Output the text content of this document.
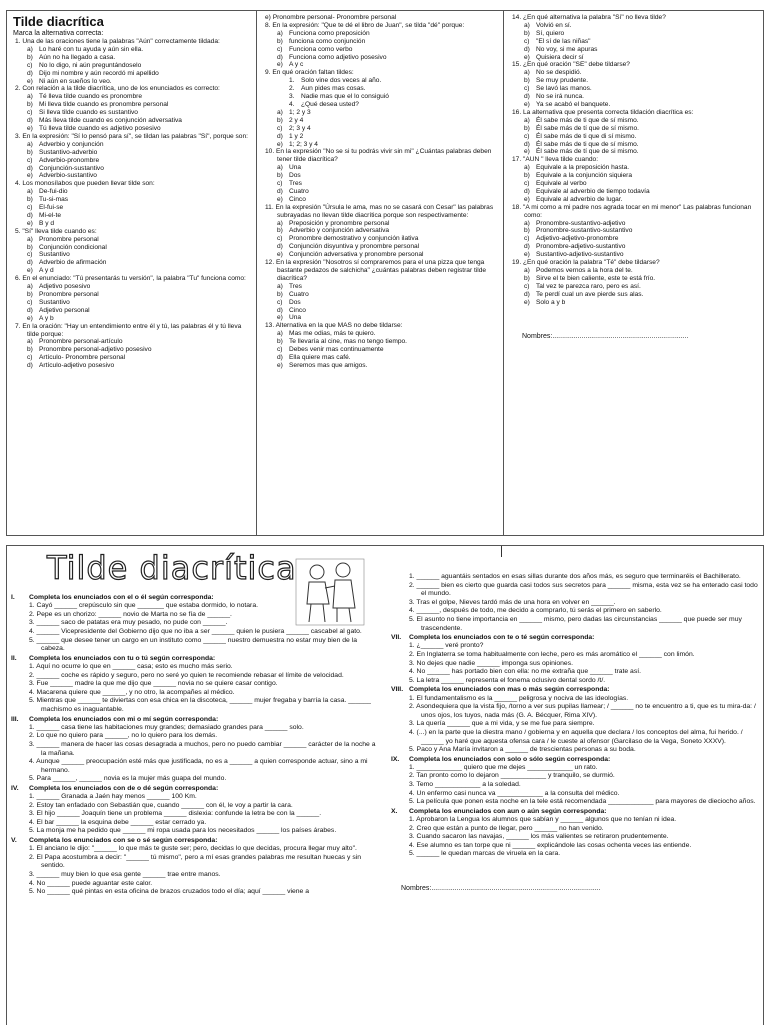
Tilde diacrítica
Marca la alternativa correcta:
1. Una de las oraciones tiene la palabras "Aún" correctamente tildada:
a) Lo haré con tu ayuda y aún sin ella.
b) Aún no ha llegado a casa.
c) No lo digo, ni aún preguntándoselo
d) Dijo mi nombre y aún recordó mi apellido
e) Ni aún en sueños lo veo.
2. Con relación a la tilde diacrítica, uno de los enunciados es correcto:
a) Té lleva tilde cuando es pronombre
b) Mi lleva tilde cuando es pronombre personal
c) Si lleva tilde cuando es sustantivo
d) Más lleva tilde cuando es conjunción adversativa
e) Tú lleva tilde cuando es adjetivo posesivo
3. En la expresión: "Sí lo pensó para sí", se tildan las palabras "Sí", porque son:
a) Adverbio y conjunción
b) Sustantivo-adverbio
c) Adverbio-pronombre
d) Conjunción-sustantivo
e) Adverbio-sustantivo
4. Los monosílabos que pueden llevar tilde son:
a) De-fui-dio
b) Tu-si-mas
c) El-fui-se
d) Mi-el-te
e) B y d
5. "Sí" lleva tilde cuando es:
a) Pronombre personal
b) Conjunción condicional
c) Sustantivo
d) Adverbio de afirmación
e) A y d
6. En el enunciado: "Tú presentarás tu versión", la palabra "Tu" funciona como:
a) Adjetivo posesivo
b) Pronombre personal
c) Sustantivo
d) Adjetivo personal
e) A y b
7. En la oración: "Hay un entendimiento entre él y tú, las palabras él y tú lleva tilde porque:
a) Pronombre personal-artículo
b) Pronombre personal-adjetivo posesivo
c) Artículo- Pronombre personal
d) Artículo-adjetivo posesivo
e) Pronombre personal- Pronombre personal
8. En la expresión: "Que te dé el libro de Juan", se tilda "dé" porque:
a) Funciona como preposición
b) funciona como conjunción
c) Funciona como verbo
d) Funciona como adjetivo posesivo
e) A y c
9. En qué oración faltan tildes:
1. Solo vine dos veces al año.
2. Aun pides mas cosas.
3. Nadie mas que el lo consiguió
4. ¿Qué desea usted?
a) 1; 2 y 3
b) 2 y 4
c) 2; 3 y 4
d) 1 y 2
e) 1; 2; 3 y 4
10. En la expresión "No se si tu podrás vivir sin mi" ¿Cuántas palabras deben tener tilde diacrítica?
a) Una
b) Dos
c) Tres
d) Cuatro
e) Cinco
11. En la expresión "Úrsula le ama, mas no se casará con Cesar" las palabras subrayadas no llevan tilde diacrítica porque son respectivamente:
a) Preposición y pronombre personal
b) Adverbio y conjunción adversativa
c) Pronombre demostrativo y conjunción ilativa
d) Conjunción disyuntiva y pronombre personal
e) Conjunción adversativa y pronombre personal
12. En la expresión "Nosotros sí compraremos para el una pizza que tenga bastante pedazos de salchicha" ¿cuántas palabras deben registrar tilde diacrítica?
a) Tres
b) Cuatro
c) Dos
d) Cinco
e) Una
13. Alternativa en la que MAS no debe tildarse:
a) Mas me odias, más te quiero.
b) Te llevaría al cine, mas no tengo tiempo.
c) Debes venir mas continuamente
d) Ella quiere mas café.
e) Seremos mas que amigos.
14. ¿En qué alternativa la palabra "Sí" no lleva tilde?
a) Volvió en sí.
b) Sí, quiero
c) "El sí de las niñas"
d) No voy, si me apuras
e) Quisiera decir sí
15. ¿En qué oración "SE" debe tildarse?
a) No se despidió.
b) Se muy prudente.
c) Se lavó las manos.
d) No se irá nunca.
e) Ya se acabó el banquete.
16. La alternativa que presenta correcta tildación diacrítica es:
a) Él sabe más de ti que de sí mismo.
b) Él sabe más de tí que de sí mismo.
c) Él sabe más de ti que di sí mismo.
d) Él sabe más de ti que de sí mismo.
e) Él sabe más de tí que de si mismo.
17. "AUN " lleva tilde cuando:
a) Equivale a la preposición hasta.
b) Equivale a la conjunción siquiera
c) Equivale al verbo
d) Equivale al adverbio de tiempo todavía
e) Equivale al adverbio de lugar.
18. "A mi como a mi padre nos agrada tocar en mi menor" Las palabras funcionan como:
a) Pronombre-sustantivo-adjetivo
b) Pronombre-sustantivo-sustantivo
c) Adjetivo-adjetivo-pronombre
d) Pronombre-adjetivo-sustantivo
e) Sustantivo-adjetivo-sustantivo
19. ¿En qué oración la palabra "Té" debe tildarse?
a) Podemos vernos a la hora del te.
b) Sirve el te bien caliente, este te está frío.
c) Tal vez te parezca raro, pero es así.
d) Te perdí cual un ave pierde sus alas.
e) Solo a y b
Nombres:......................................................................
Tilde diacrítica
I. Completa los enunciados con el o él según corresponda:
1. Cayó ______ crepúsculo sin que _______ que estaba dormido, lo notara.
2. Pepe es un chorizo: ______ novio de Marta no se fía de ______.
3. ______ saco de patatas era muy pesado, no pude con ______.
4. ______ Vicepresidente del Gobierno dijo que no iba a ser ______ quien le pusiera ______ cascabel al gato.
5. ______ que desee tener un cargo en un instituto como ______ nuestro demuestra no estar muy bien de la cabeza.
II. Completa los enunciados con tu o tú según corresponda:
1. Aquí no ocurre lo que en ______ casa; esto es mucho más serio.
2. ______ coche es rápido y seguro, pero no seré yo quien te recomiende rebasar el límite de velocidad.
3. Fue ______ madre la que me dijo que ______ novia no se quiere casar contigo.
4. Macarena quiere que ______, y no otro, la acompañes al médico.
5. Mientras que ______ te diviertas con esa chica en la discoteca, ______ mujer fregaba y barría la casa. ______ machismo es inaguantable.
III. Completa los enunciados con mi o mí según corresponda:
1. ______ casa tiene las habitaciones muy grandes; demasiado grandes para ______ solo.
2. Lo que no quiero para ______, no lo quiero para los demás.
3. ______ manera de hacer las cosas desagrada a muchos, pero no puedo cambiar ______ carácter de la noche a la mañana.
4. Aunque ______ preocupación esté más que justificada, no es a ______ a quien corresponde actuar, sino a mi hermano.
5. Para ______, ______ novia es la mujer más guapa del mundo.
IV. Completa los enunciados con de o dé según corresponda:
1. ______ Granada a Jaén hay menos ______ 100 Km.
2. Estoy tan enfadado con Sebastián que, cuando ______ con él, le voy a partir la cara.
3. El hijo ______ Joaquín tiene un problema ______ dislexia: confunde la letra be con la ______.
4. El bar ______ la esquina debe ______ estar cerrado ya.
5. La monja me ha pedido que ______ mi ropa usada para los necesitados ______ los países árabes.
V. Completa los enunciados con se o sé según corresponda:
1. El anciano le dijo: "______ lo que más te guste ser; pero, decidas lo que decidas, procura llegar muy alto".
2. El Papa acostumbra a decir: "______ tú mismo", pero a mí esas grandes palabras me resultan huecas y sin sentido.
3. ______ muy bien lo que esa gente ______ trae entre manos.
4. No ______ puede aguantar este calor.
5. No ______ qué pintas en esta oficina de brazos cruzados todo el día; aquí ______ viene a
1. ______ aguantáis sentados en esas sillas durante dos años más, es seguro que terminaréis el Bachillerato.
2. ______ bien es cierto que guarda casi todos sus secretos para ______ misma, esta vez se ha enterado casi todo el mundo.
3. Tras el golpe, Nieves tardó más de una hora en volver en ______.
4. ______, después de todo, me decido a comprarlo, tú serás el primero en saberlo.
5. El asunto no tiene importancia en ______ mismo, pero dadas las circunstancias ______ que puede ser muy trascendente.
VII. Completa los enunciados con te o té según corresponda:
1. ¿______ veré pronto?
2. En Inglaterra se toma habitualmente con leche, pero es más aromático el ______ con limón.
3. No dejes que nadie ______ imponga sus opiniones.
4. No ______ has portado bien con ella: no me extraña que ______ trate así.
5. La letra ______ representa el fonema oclusivo dental sordo /t/.
VIII. Completa los enunciados con mas o más según corresponda:
1. El fundamentalismo es la ______ peligrosa y nociva de las ideologías.
2. Asondequiera que la vista fijo, /torno a ver sus pupilas llamear; / ______ no te encuentro a ti, que es tu mira-da: / unos ojos, los tuyos, nada más (G. A. Bécquer, Rima XIV).
3. La quería ______ que a mi vida, y se me fue para siempre.
4. (...) en la parte que la diestra mano / gobierna y en aquella que declara / los conceptos del alma, fui herido. / ______ yo haré que aquesta ofensa cara / le cueste al ofensor (Garcilaso de la Vega, Soneto XXXV).
5. Paco y Ana María invitaron a ______ de trescientas personas a su boda.
IX. Completa los enunciados con solo o sólo según corresponda:
1. ____________ quiero que me dejes ____________ un rato.
2. Tan pronto como lo dejaron ____________ y tranquilo, se durmió.
3. Temo ____________ a la soledad.
4. Un enfermo casi nunca va ____________ a la consulta del médico.
5. La película que ponen esta noche en la tele está recomendada ____________ para mayores de dieciocho años.
X. Completa los enunciados con aun o aún según corresponda:
1. Aprobaron la Lengua los alumnos que sabían y ______ algunos que no tenían ni idea.
2. Creo que están a punto de llegar, pero ______ no han venido.
3. Cuando sacaron las navajas, ______ los más valientes se retiraron prudentemente.
4. Ese alumno es tan torpe que ni ______ explicándole las cosas ochenta veces las entiende.
5. ______ le quedan marcas de viruela en la cara.
Nombres:.......................................................................................
